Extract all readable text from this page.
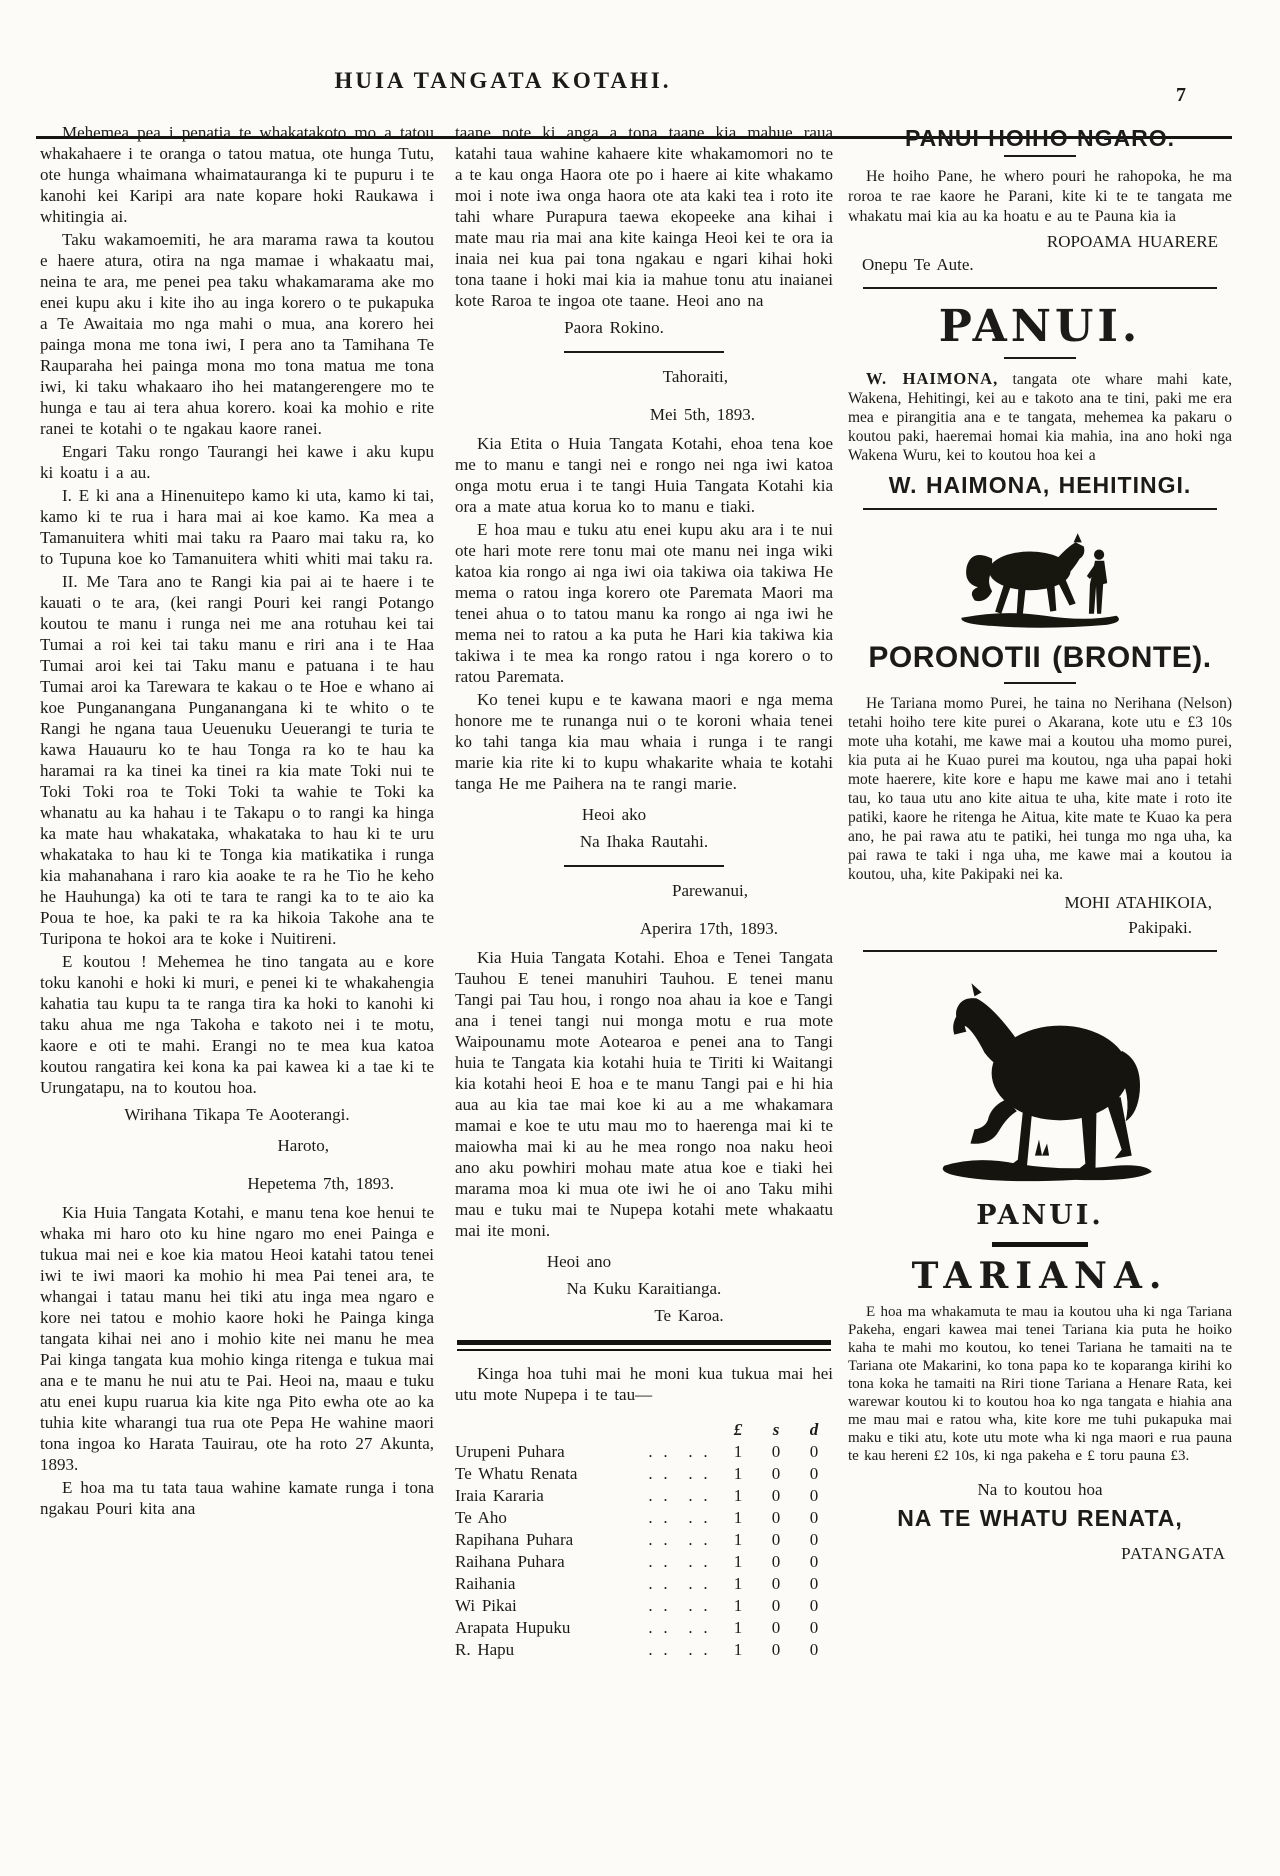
HUIA TANGATA KOTAHI.
7

Mehemea pea i penatia te whakatakoto mo a tatou whakahaere i te oranga o tatou matua, ote hunga Tutu, ote hunga whaimana whaimatauranga ki te pupuru i te kanohi kei Karipi ara nate kopare hoki Raukawa i whitingia ai.

Taku wakamoemiti, he ara marama rawa ta koutou e haere atura, otira na nga mamae i whakaatu mai, neina te ara, me penei pea taku whakamarama ake mo enei kupu aku i kite iho au inga korero o te pukapuka a Te Awaitaia mo nga mahi o mua, ana korero hei painga mona me tona iwi, I pera ano ta Tamihana Te Rauparaha hei painga mona mo tona matua me tona iwi, ki taku whakaaro iho hei matangerengere mo te hunga e tau ai tera ahua korero. koai ka mohio e rite ranei te kotahi o te ngakau kaore ranei.

Engari Taku rongo Taurangi hei kawe i aku kupu ki koatu i a au.

I. E ki ana a Hinenuitepo kamo ki uta, kamo ki tai, kamo ki te rua i hara mai ai koe kamo. Ka mea a Tamanuitera whiti mai taku ra Paaro mai taku ra, ko to Tupuna koe ko Tamanuitera whiti whiti mai taku ra.

II. Me Tara ano te Rangi kia pai ai te haere i te kauati o te ara, (kei rangi Pouri kei rangi Potango koutou te manu i runga nei me ana rotuhau kei tai Tumai a roi kei tai taku manu e riri ana i te Haa Tumai aroi kei tai Taku manu e patuana i te hau Tumai aroi ka Tarewara te kakau o te Hoe e whano ai koe Punganangana Punganangana ki te whito o te Rangi he ngana taua Ueuenuku Ueuerangi te turia te kawa Hauauru ko te hau Tonga ra ko te hau ka haramai ra ka tinei ka tinei ra kia mate Toki nui te Toki Toki roa te Toki Toki ta wahie te Toki ka whanatu au ka hahau i te Takapu o to rangi ka hinga ka mate hau whakataka, whakataka to hau ki te uru whakataka to hau ki te Tonga kia matikatika i runga kia mahanahana i raro kia aoake te ra he Tio he keho he Hauhunga) ka oti te tara te rangi ka to te aio ka Poua te hoe, ka paki te ra ka hikoia Takohe ana te Turipona te hokoi ara te koke i Nuitireni.

E koutou ! Mehemea he tino tangata au e kore toku kanohi e hoki ki muri, e penei ki te whakahengia kahatia tau kupu ta te ranga tira ka hoki to kanohi ki taku ahua me nga Takoha e takoto nei i te motu, kaore e oti te mahi. Erangi no te mea kua katoa koutou rangatira kei kona ka pai kawea ki a tae ki te Urungatapu, na to koutou hoa.

Wirihana Tikapa Te Aooterangi.

Haroto,

Hepetema 7th, 1893.

Kia Huia Tangata Kotahi, e manu tena koe henui te whaka mi haro oto ku hine ngaro mo enei Painga e tukua mai nei e koe kia matou Heoi katahi tatou tenei iwi te iwi maori ka mohio hi mea Pai tenei ara, te whangai i tatau manu hei tiki atu inga mea ngaro e kore nei tatou e mohio kaore hoki he Painga kinga tangata kihai nei ano i mohio kite nei manu he mea Pai kinga tangata kua mohio kinga ritenga e tukua mai ana e te manu he nui atu te Pai. Heoi na, maau e tuku atu enei kupu ruarua kia kite nga Pito ewha ote ao ka tuhia kite wharangi tua rua ote Pepa He wahine maori tona ingoa ko Harata Tauirau, ote ha roto 27 Akunta, 1893.

E hoa ma tu tata taua wahine kamate runga i tona ngakau Pouri kita ana

taane note ki anga a tona taane kia mahue raua katahi taua wahine kahaere kite whakamomori no te a te kau onga Haora ote po i haere ai kite whakamo moi i note iwa onga haora ote ata kaki tea i roto ite tahi whare Purapura taewa ekopeeke ana kihai i mate mau ria mai ana kite kainga Heoi kei te ora ia inaia nei kua pai tona ngakau e ngari kihai hoki tona taane i hoki mai kia ia mahue tonu atu inaianei kote Raroa te ingoa ote taane. Heoi ano na

Paora Rokino.

Tahoraiti,

Mei 5th, 1893.

Kia Etita o Huia Tangata Kotahi, ehoa tena koe me to manu e tangi nei e rongo nei nga iwi katoa onga motu erua i te tangi Huia Tangata Kotahi kia ora a mate atua korua ko to manu e tiaki.

E hoa mau e tuku atu enei kupu aku ara i te nui ote hari mote rere tonu mai ote manu nei inga wiki katoa kia rongo ai nga iwi oia takiwa oia takiwa He mema o ratou inga korero ote Paremata Maori ma tenei ahua o to tatou manu ka rongo ai nga iwi he mema nei to ratou a ka puta he Hari kia takiwa kia takiwa i te mea ka rongo ratou i nga korero o to ratou Paremata.

Ko tenei kupu e te kawana maori e nga mema honore me te runanga nui o te koroni whaia tenei ko tahi tanga kia mau whaia i runga i te rangi marie kia rite ki to kupu whakarite whaia te kotahi tanga He me Paihera na te rangi marie.

Heoi ako

Na Ihaka Rautahi.

Parewanui,

Aperira 17th, 1893.

Kia Huia Tangata Kotahi. Ehoa e Tenei Tangata Tauhou E tenei manuhiri Tauhou. E tenei manu Tangi pai Tau hou, i rongo noa ahau ia koe e Tangi ana i tenei tangi nui monga motu e rua mote Waipounamu mote Aotearoa e penei ana to Tangi huia te Tangata kia kotahi huia te Tiriti ki Waitangi kia kotahi heoi E hoa e te manu Tangi pai e hi hia aua au kia tae mai koe ki au a me whakamara mamai e koe te utu mau mo to haerenga mai ki te maiowha mai ki au he mea rongo noa naku heoi ano aku powhiri mohau mate atua koe e tiaki hei marama moa ki mua ote iwi he oi ano Taku mihi mau e tuku mai te Nupepa kotahi mete whakaatu mai ite moni.

Heoi ano

Na Kuku Karaitianga.

Te Karoa.

Kinga hoa tuhi mai he moni kua tukua mai hei utu mote Nupepa i te tau—

£	s	d
Urupeni Puhara	. .	. .	1	0	0
Te Whatu Renata	. .	. .	1	0	0
Iraia Kararia	. .	. .	1	0	0
Te Aho	. .	. .	1	0	0
Rapihana Puhara	. .	. .	1	0	0
Raihana Puhara	. .	. .	1	0	0
Raihania	. .	. .	1	0	0
Wi Pikai	. .	. .	1	0	0
Arapata Hupuku	. .	. .	1	0	0
R. Hapu	. .	. .	1	0	0
PANUI HOIHO NGARO.

He hoiho Pane, he whero pouri he rahopoka, he ma roroa te rae kaore he Parani, kite ki te te tangata me whakatu mai kia au ka hoatu e au te Pauna kia ia

ROPOAMA HUARERE

Onepu Te Aute.

PANUI.

W. HAIMONA, tangata ote whare mahi kate, Wakena, Hehitingi, kei au e takoto ana te tini, paki me era mea e pirangitia ana e te tangata, mehemea ka pakaru o koutou paki, haeremai homai kia mahia, ina ano hoki nga Wakena Wuru, kei to koutou hoa kei a

W. HAIMONA, HEHITINGI.
PORONOTII (BRONTE).

He Tariana momo Purei, he taina no Nerihana (Nelson) tetahi hoiho tere kite purei o Akarana, kote utu e £3 10s mote uha kotahi, me kawe mai a koutou uha momo purei, kia puta ai he Kuao purei ma koutou, nga uha papai hoki mote haerere, kite kore e hapu me kawe mai ano i tetahi tau, ko taua utu ano kite aitua te uha, kite mate i roto ite patiki, kaore he ritenga he Aitua, kite mate te Kuao ka pera ano, he pai rawa atu te patiki, hei tunga mo nga uha, ka pai rawa te taki i nga uha, me kawe mai a koutou ia koutou, uha, kite Pakipaki nei ka.

MOHI ATAHIKOIA,

Pakipaki.

PANUI.
TARIANA.

E hoa ma whakamuta te mau ia koutou uha ki nga Tariana Pakeha, engari kawea mai tenei Tariana kia puta he hoiko kaha te mahi mo koutou, ko tenei Tariana he tamaiti na te Tariana ote Makarini, ko tona papa ko te koparanga kirihi ko tona koka he tamaiti na Riri tione Tariana a Henare Rata, kei warewar koutou ki to koutou hoa ko nga tangata e hiahia ana me mau mai e ratou wha, kite kore me tuhi pukapuka mai maku e tiki atu, kote utu mote wha ki nga maori e rua pauna te kau hereni £2 10s, ki nga pakeha e £ toru pauna £3.

Na to koutou hoa

NA TE WHATU RENATA,

PATANGATA
